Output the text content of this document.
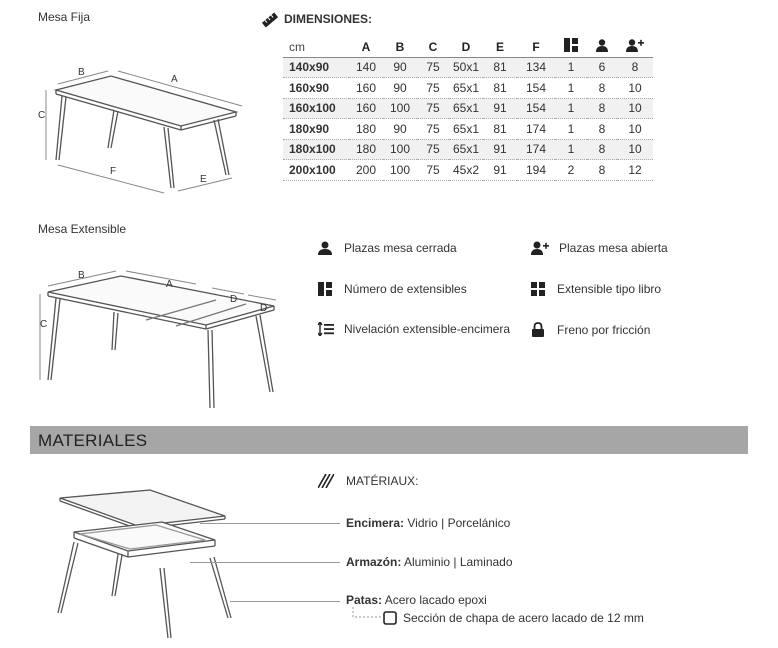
Mesa Fija
B
A
C
F
E
DIMENSIONES:
cm	A	B	C	D	E	F			
140x90	140	90	75	50x1	81	134	1	6	8
160x90	160	90	75	65x1	81	154	1	8	10
160x100	160	100	75	65x1	91	154	1	8	10
180x90	180	90	75	65x1	81	174	1	8	10
180x100	180	100	75	65x1	91	174	1	8	10
200x100	200	100	75	45x2	91	194	2	8	12
Mesa Extensible
B
A
D
D
C
Plazas mesa cerrada	Plazas mesa abierta
Número de extensibles	Extensible tipo libro
Nivelación extensible-encimera	Freno por fricción
MATERIALES
MATÉRIAUX:
Encimera: Vidrio | Porcelánico
Armazón: Aluminio | Laminado
Patas: Acero lacado epoxi
Sección de chapa de acero lacado de 12 mm
